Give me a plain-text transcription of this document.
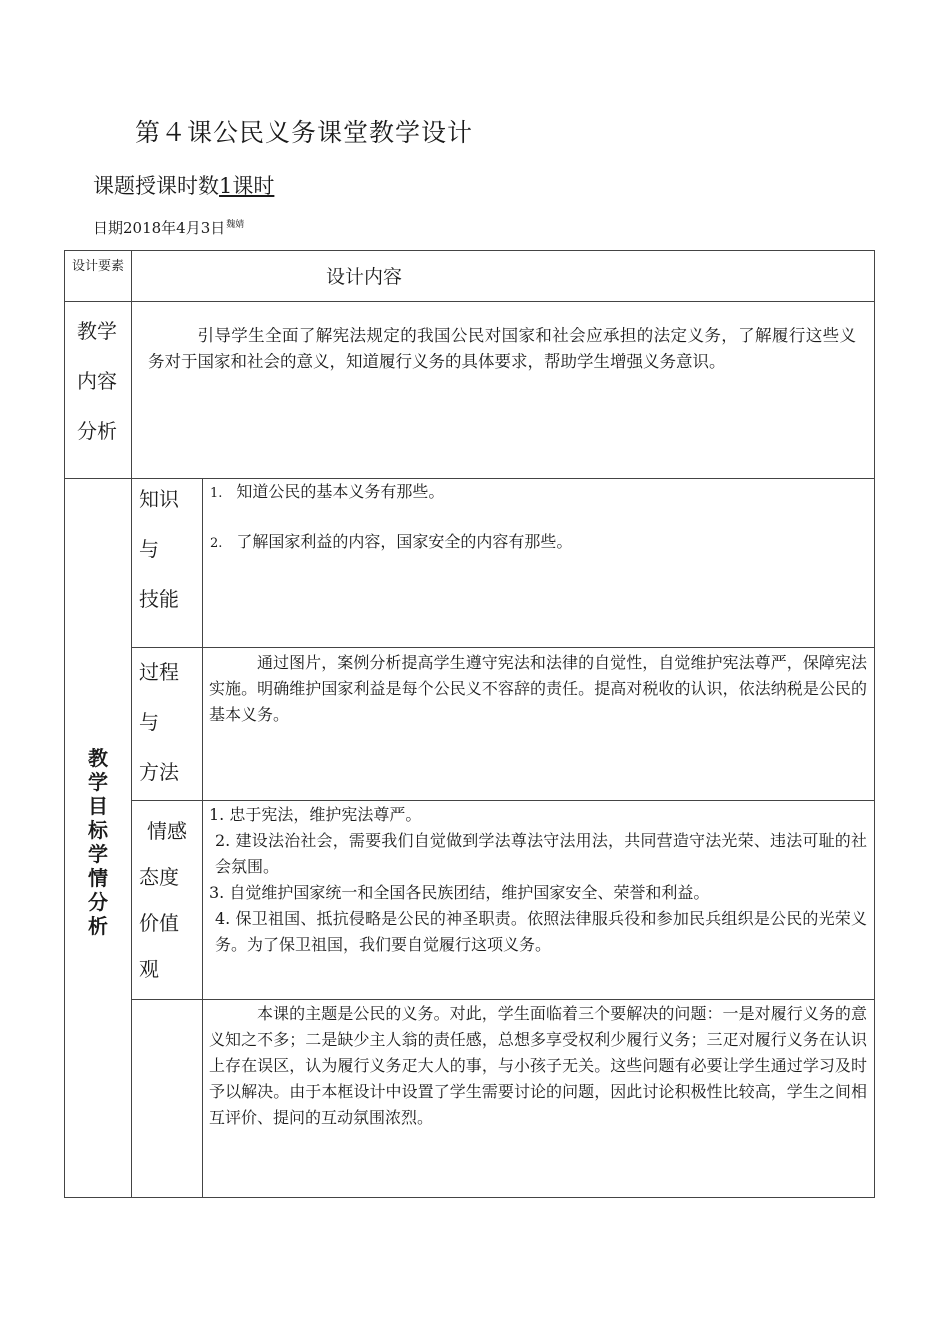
第４课公民义务课堂教学设计
课题授课时数1课时
日期2018年4月3日$^{魏婧}$
设计要素	设计内容
教学
内容
分析
引导学生全面了解宪法规定的我国公民对国家和社会应承担的法定义务，了解履行这些义务对于国家和社会的意义，知道履行义务的具体要求，帮助学生增强义务意识。
教学目标学情分析
知识
与
技能
1. 知道公民的基本义务有那些。
2. 了解国家利益的内容，国家安全的内容有那些。
过程
与
方法
通过图片，案例分析提高学生遵守宪法和法律的自觉性，自觉维护宪法尊严，保障宪法实施。明确维护国家利益是每个公民义不容辞的责任。提高对税收的认识，依法纳税是公民的基本义务。
情感
态度
价值
观
1. 忠于宪法，维护宪法尊严。
2. 建设法治社会，需要我们自觉做到学法尊法守法用法，共同营造守法光荣、违法可耻的社会氛围。
3. 自觉维护国家统一和全国各民族团结，维护国家安全、荣誉和利益。
4. 保卫祖国、抵抗侵略是公民的神圣职责。依照法律服兵役和参加民兵组织是公民的光荣义务。为了保卫祖国，我们要自觉履行这项义务。
本课的主题是公民的义务。对此，学生面临着三个要解决的问题：一是对履行义务的意义知之不多；二是缺少主人翁的责任感，总想多享受权利少履行义务；三疋对履行义务在认识上存在误区，认为履行义务疋大人的事，与小孩子无关。这些问题有必要让学生通过学习及时予以解决。由于本框设计中设置了学生需要讨论的问题，因此讨论积极性比较高，学生之间相互评价、提问的互动氛围浓烈。
